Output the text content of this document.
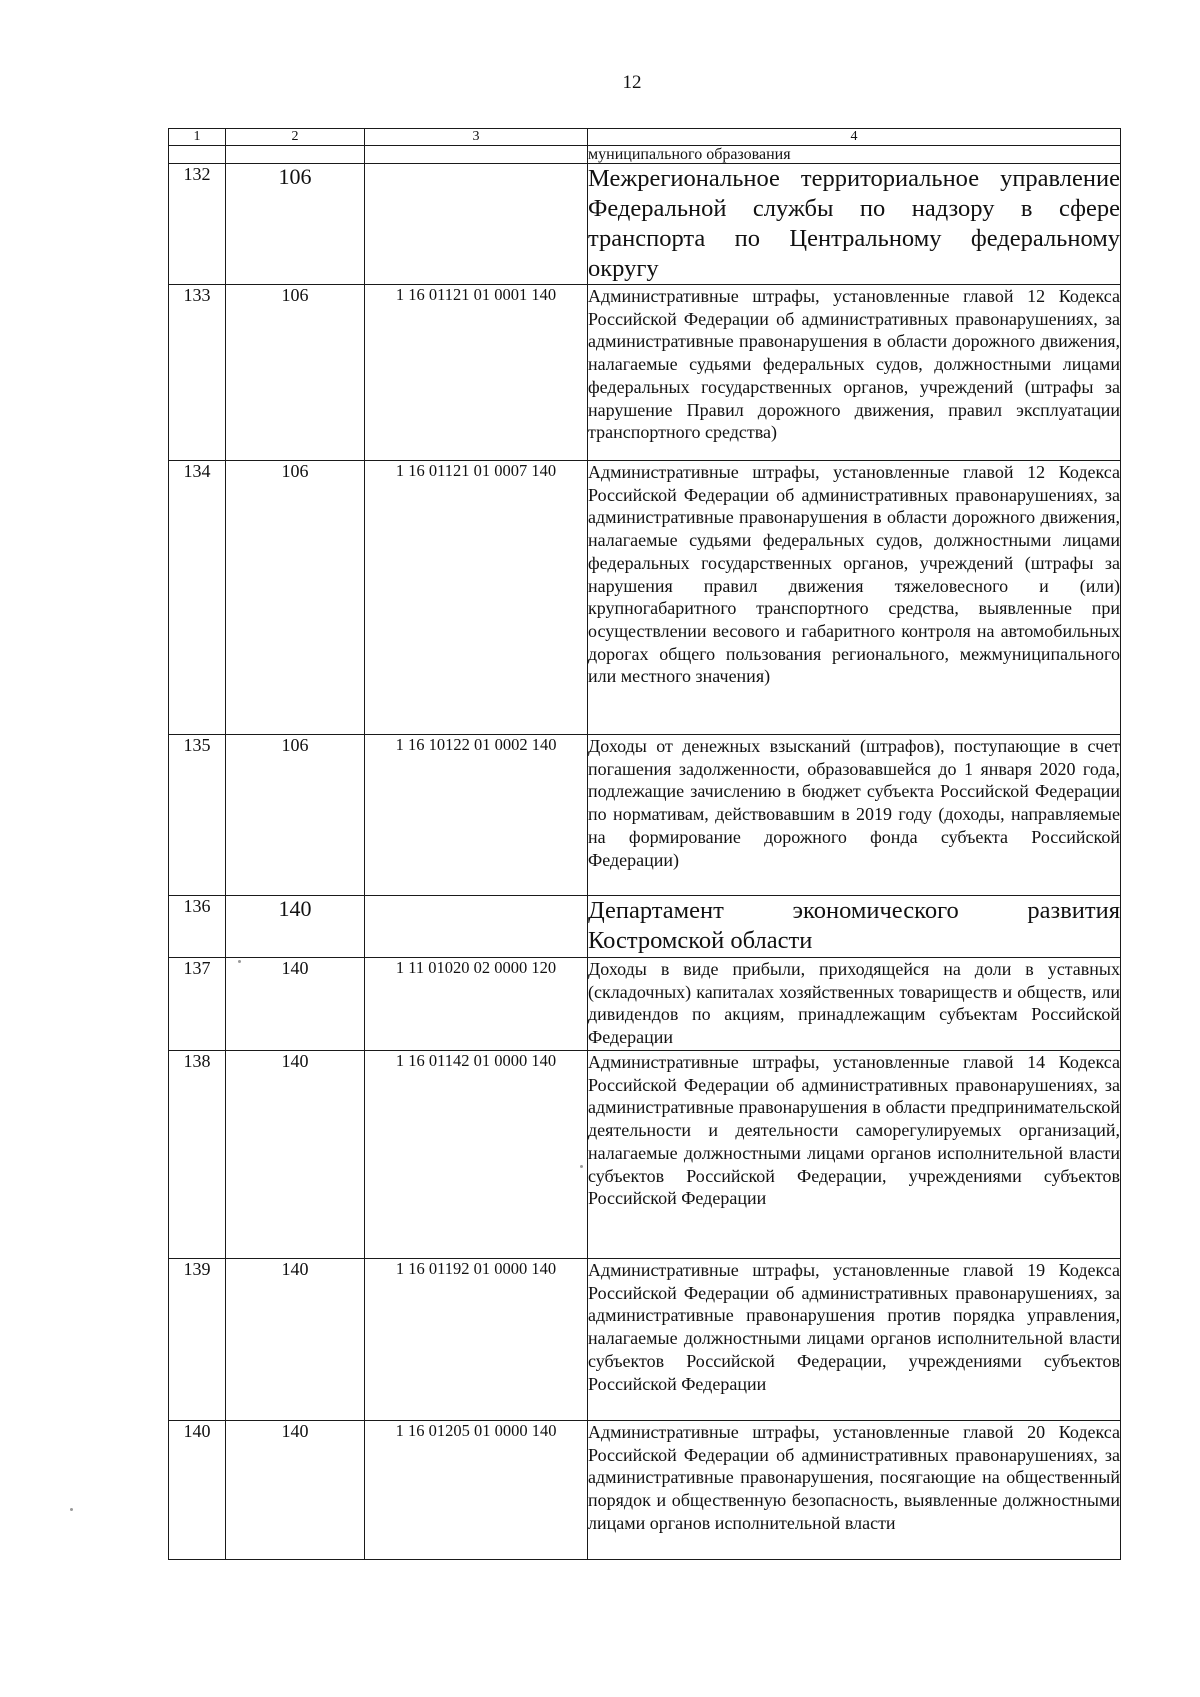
12
1	2	3	4
			муниципального образования
132	106		Межрегиональное территориальное управление Федеральной службы по надзору в сфере транспорта по Центральному федеральному округу
133	106	1 16 01121 01 0001 140	Административные штрафы, установленные главой 12 Кодекса Российской Федерации об административных правонарушениях, за административные правонарушения в области дорожного движения, налагаемые судьями федеральных судов, должностными лицами федеральных государственных органов, учреждений (штрафы за нарушение Правил дорожного движения, правил эксплуатации транспортного средства)
134	106	1 16 01121 01 0007 140	Административные штрафы, установленные главой 12 Кодекса Российской Федерации об административных правонарушениях, за административные правонарушения в области дорожного движения, налагаемые судьями федеральных судов, должностными лицами федеральных государственных органов, учреждений (штрафы за нарушения правил движения тяжеловесного и (или) крупногабаритного транспортного средства, выявленные при осуществлении весового и габаритного контроля на автомобильных дорогах общего пользования регионального, межмуниципального или местного значения)
135	106	1 16 10122 01 0002 140	Доходы от денежных взысканий (штрафов), поступающие в счет погашения задолженности, образовавшейся до 1 января 2020 года, подлежащие зачислению в бюджет субъекта Российской Федерации по нормативам, действовавшим в 2019 году (доходы, направляемые на формирование дорожного фонда субъекта Российской Федерации)
136	140		Департамент экономического развития Костромской области
137	140	1 11 01020 02 0000 120	Доходы в виде прибыли, приходящейся на доли в уставных (складочных) капиталах хозяйственных товариществ и обществ, или дивидендов по акциям, принадлежащим субъектам Российской Федерации
138	140	1 16 01142 01 0000 140	Административные штрафы, установленные главой 14 Кодекса Российской Федерации об административных правонарушениях, за административные правонарушения в области предпринимательской деятельности и деятельности саморегулируемых организаций, налагаемые должностными лицами органов исполнительной власти субъектов Российской Федерации, учреждениями субъектов Российской Федерации
139	140	1 16 01192 01 0000 140	Административные штрафы, установленные главой 19 Кодекса Российской Федерации об административных правонарушениях, за административные правонарушения против порядка управления, налагаемые должностными лицами органов исполнительной власти субъектов Российской Федерации, учреждениями субъектов Российской Федерации
140	140	1 16 01205 01 0000 140	Административные штрафы, установленные главой 20 Кодекса Российской Федерации об административных правонарушениях, за административные правонарушения, посягающие на общественный порядок и общественную безопасность, выявленные должностными лицами органов исполнительной власти
